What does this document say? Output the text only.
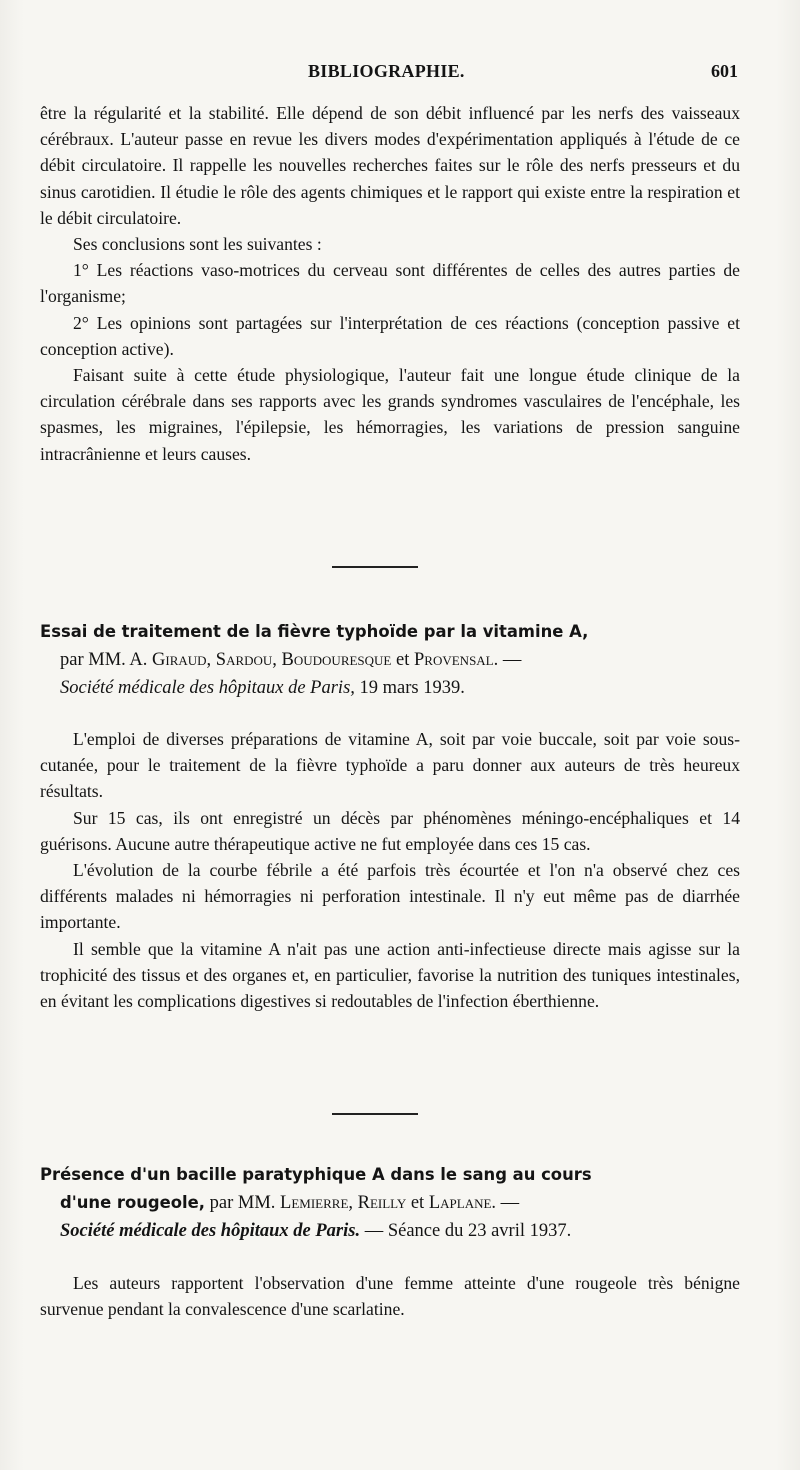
BIBLIOGRAPHIE.	601

être la régularité et la stabilité. Elle dépend de son débit influencé par les nerfs des vaisseaux cérébraux. L'auteur passe en revue les divers modes d'expérimentation appliqués à l'étude de ce débit circulatoire. Il rappelle les nouvelles recherches faites sur le rôle des nerfs presseurs et du sinus carotidien. Il étudie le rôle des agents chimiques et le rapport qui existe entre la respiration et le débit circulatoire.

Ses conclusions sont les suivantes :

1° Les réactions vaso-motrices du cerveau sont différentes de celles des autres parties de l'organisme;

2° Les opinions sont partagées sur l'interprétation de ces réactions (conception passive et conception active).

Faisant suite à cette étude physiologique, l'auteur fait une longue étude clinique de la circulation cérébrale dans ses rapports avec les grands syndromes vasculaires de l'encéphale, les spasmes, les migraines, l'épilepsie, les hémorragies, les variations de pression sanguine intracrânienne et leurs causes.

Essai de traitement de la fièvre typhoïde par la vitamine A,
par MM. A. Giraud, Sardou, Boudouresque et Provensal. —
Société médicale des hôpitaux de Paris, 19 mars 1939.

L'emploi de diverses préparations de vitamine A, soit par voie buccale, soit par voie sous-cutanée, pour le traitement de la fièvre typhoïde a paru donner aux auteurs de très heureux résultats.

Sur 15 cas, ils ont enregistré un décès par phénomènes méningo-encéphaliques et 14 guérisons. Aucune autre thérapeutique active ne fut employée dans ces 15 cas.

L'évolution de la courbe fébrile a été parfois très écourtée et l'on n'a observé chez ces différents malades ni hémorragies ni perforation intestinale. Il n'y eut même pas de diarrhée importante.

Il semble que la vitamine A n'ait pas une action anti-infectieuse directe mais agisse sur la trophicité des tissus et des organes et, en particulier, favorise la nutrition des tuniques intestinales, en évitant les complications digestives si redoutables de l'infection éberthienne.

Présence d'un bacille paratyphique A dans le sang au cours
d'une rougeole, par MM. Lemierre, Reilly et Laplane. —
Société médicale des hôpitaux de Paris. — Séance du 23 avril 1937.

Les auteurs rapportent l'observation d'une femme atteinte d'une rougeole très bénigne survenue pendant la convalescence d'une scarlatine.
